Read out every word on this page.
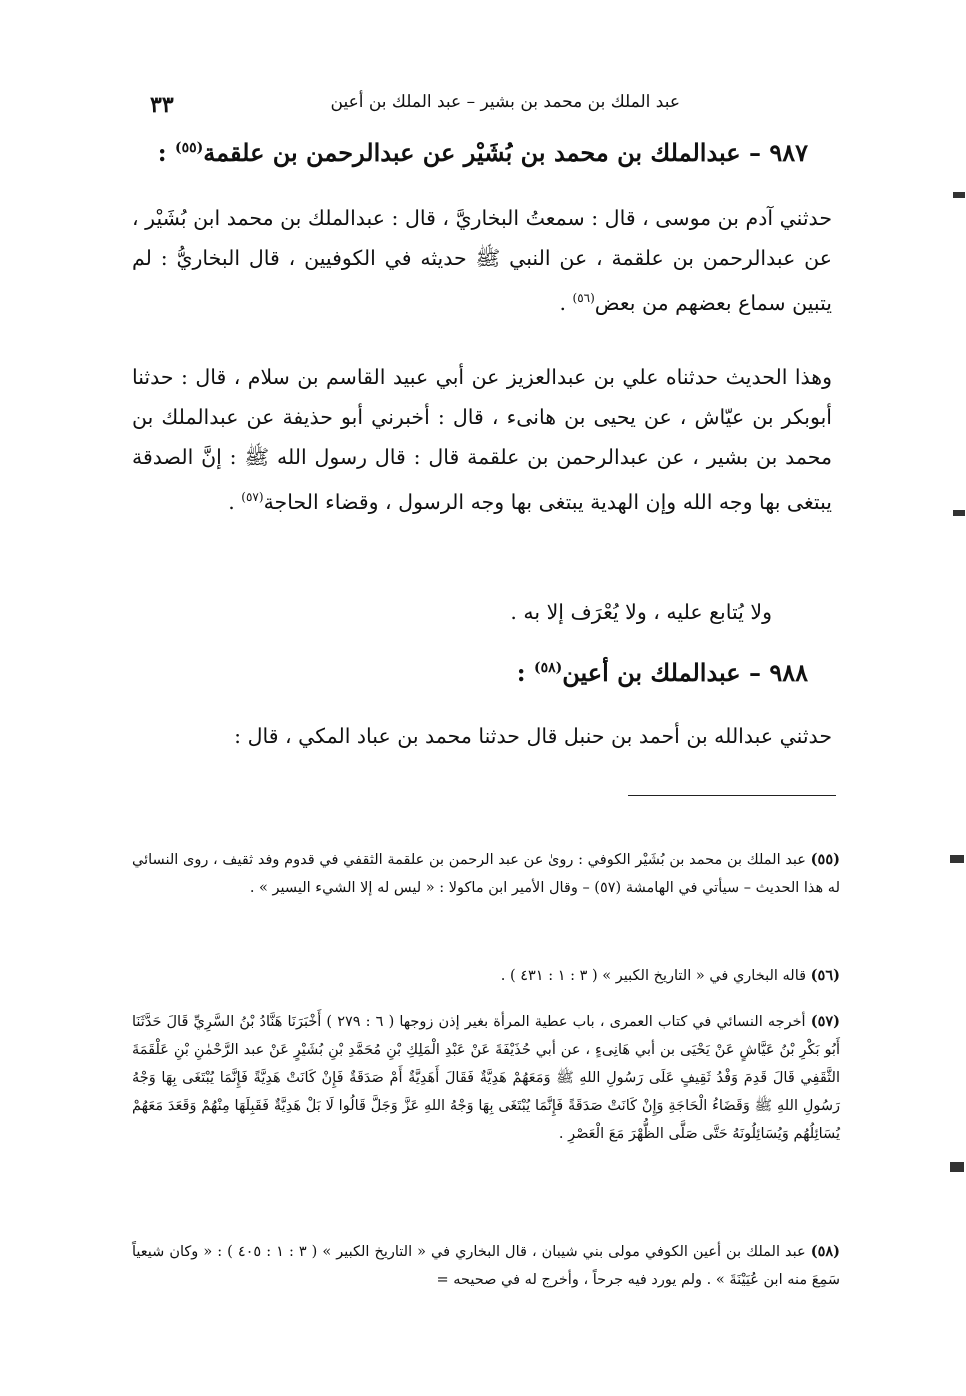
عبد الملك بن محمد بن بشير – عبد الملك بن أعين
٣٣
٩٨٧ – عبدالملك بن محمد بن بُشَيْر عن عبدالرحمن بن علقمة$^{(٥٥)}$ :
حدثني آدم بن موسى ، قال : سمعتُ البخاريَّ ، قال : عبدالملك بن محمد ابن بُشَيْر ، عن عبدالرحمن بن علقمة ، عن النبي ﷺ حديثه في الكوفيين ، قال البخاريُّ : لم يتبين سماع بعضهم من بعض$^{(٥٦)}$ .
وهذا الحديث حدثناه علي بن عبدالعزيز عن أبي عبيد القاسم بن سلام ، قال : حدثنا أبوبكر بن عيّاش ، عن يحيى بن هانىء ، قال : أخبرني أبو حذيفة عن عبدالملك بن محمد بن بشير ، عن عبدالرحمن بن علقمة قال : قال رسول الله ﷺ : إنَّ الصدقة يبتغى بها وجه الله وإن الهدية يبتغى بها وجه الرسول ، وقضاء الحاجة$^{(٥٧)}$ .
ولا يُتابع عليه ، ولا يُعْرَف إلا به .
٩٨٨ – عبدالملك بن أعين$^{(٥٨)}$ :
حدثني عبدالله بن أحمد بن حنبل قال حدثنا محمد بن عباد المكي ، قال :
(٥٥) عبد الملك بن محمد بن بُشَيْر الكوفي : روىٰ عن عبد الرحمن بن علقمة الثقفي في قدوم وفد ثقيف ، روى النسائي له هذا الحديث – سيأتي في الهامشة (٥٧) – وقال الأمير ابن ماكولا : « ليس له إلا الشيء اليسير » .
(٥٦) قاله البخاري في « التاريخ الكبير » ( ٣ : ١ : ٤٣١ ) .
(٥٧) أخرجه النسائي في كتاب العمرى ، باب عطية المرأة بغير إذن زوجها ( ٦ : ٢٧٩ ) أَخْبَرَنَا هَنَّادُ بْنُ السَّرِيِّ قَالَ حَدَّثَنَا أَبُو بَكْرِ بْنُ عَيَّاشٍ عَنْ يَحْيَى بن أبي هَانِىءٍ ، عن أبي حُذَيْفَةَ عَنْ عَبْدِ الْمَلِكِ بْنِ مُحَمَّدِ بْنِ بُشَيْرٍ عَنْ عبد الرَّحْمٰنِ بْنِ عَلْقَمَةَ الثَّقَفِي قَالَ قَدِمَ وَفْدُ ثَقِيفٍ عَلَى رَسُولِ اللهِ ﷺ وَمَعَهُمْ هَدِيَّةٌ فَقَالَ أَهَدِيَّةٌ أَمْ صَدَقَةٌ فَإِنْ كَانَتْ هَدِيَّةً فَإِنَّمَا يُبْتَغَى بِهَا وَجْهُ رَسُولِ اللهِ ﷺ وَقَضَاءُ الْحَاجَةِ وَإِنْ كَانَتْ صَدَقَةً فَإِنَّمَا يُبْتَغَى بِهَا وَجْهُ اللهِ عَزَّ وَجَلَّ قَالُوا لَا بَلْ هَدِيَّةٌ فَقَبِلَهَا مِنْهُمْ وَقَعَدَ مَعَهُمْ يُسَائِلُهُم وَيُسَائِلُونَهُ حَتَّى صَلَّى الظُّهْرَ مَعَ الْعَصْرِ .
(٥٨) عبد الملك بن أعين الكوفي مولى بني شيبان ، قال البخاري في « التاريخ الكبير » ( ٣ : ١ : ٤٠٥ ) : « وكان شيعياً سَمِعَ منه ابن عُيَيْنَةَ » . ولم يورد فيه جرحاً ، وأخرج له في صحيحه =
